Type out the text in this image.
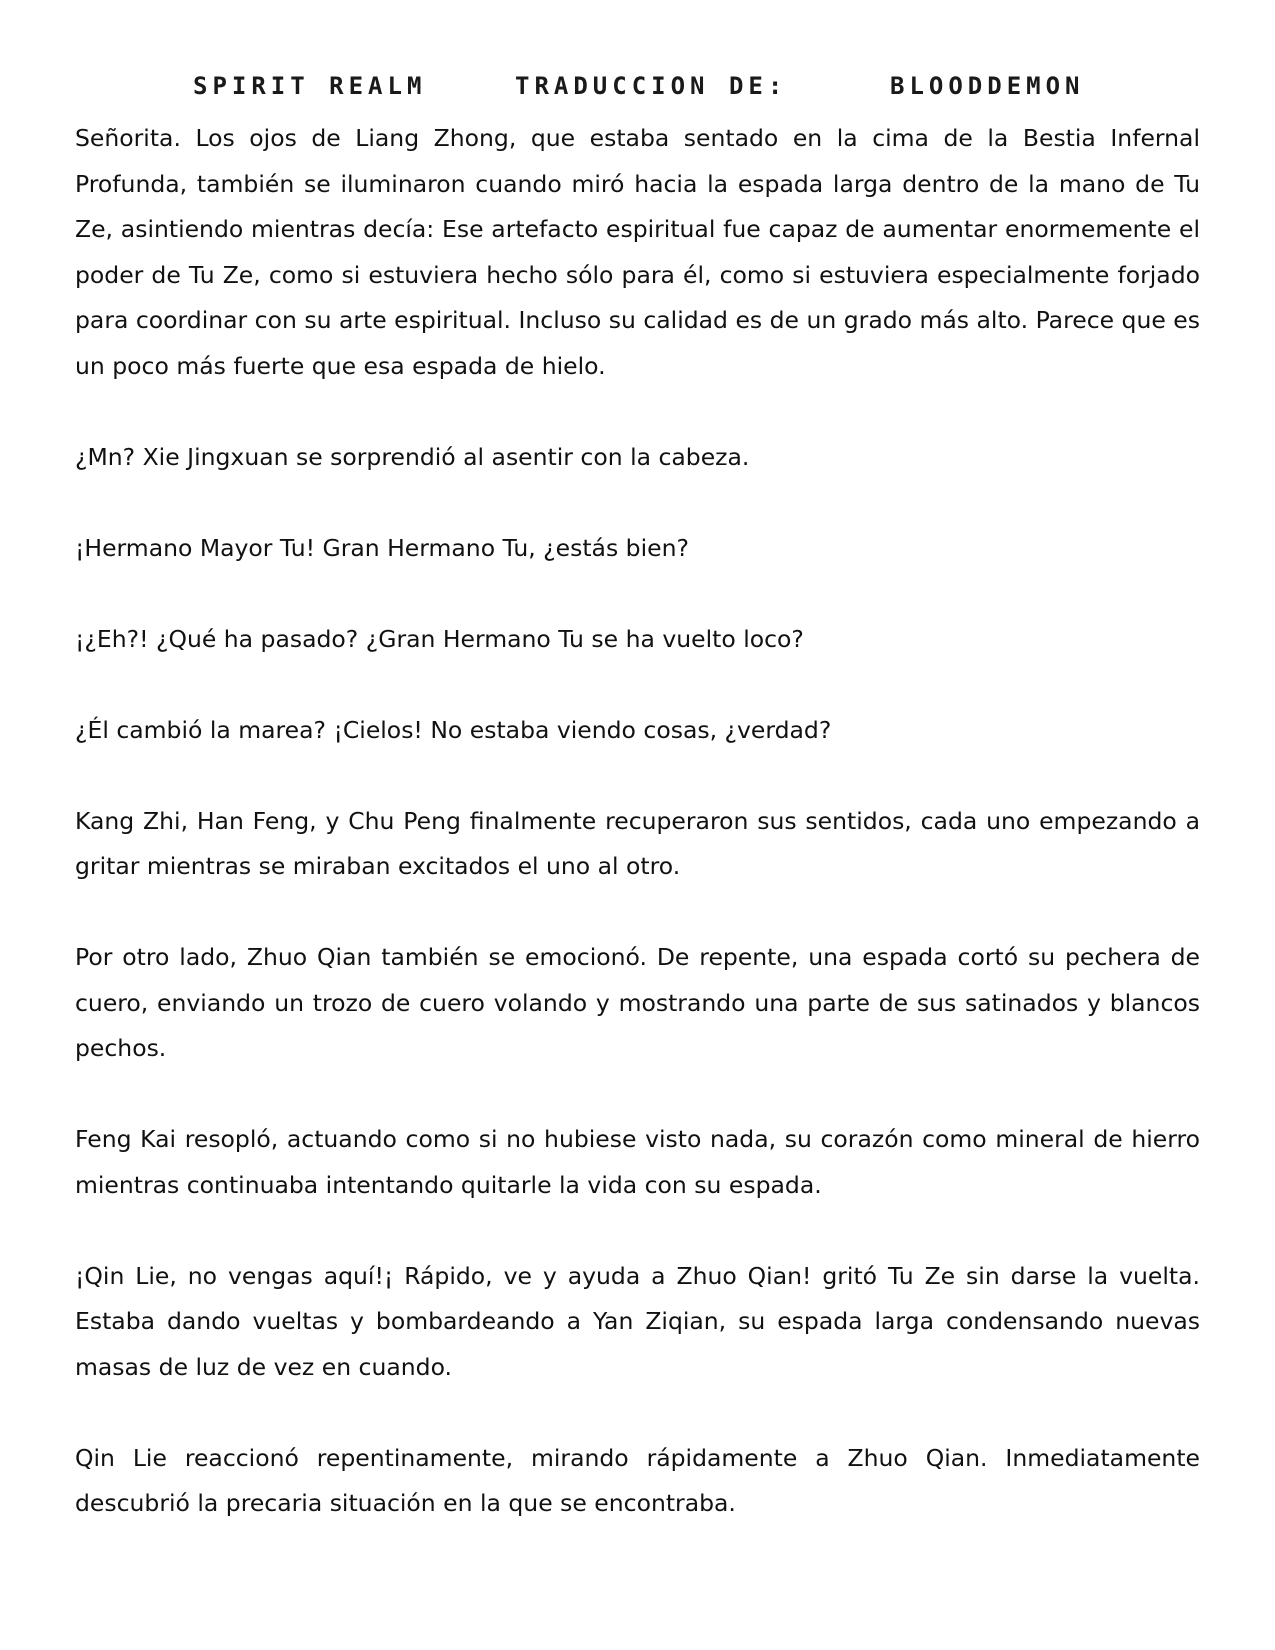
SPIRIT REALM	TRADUCCION DE:	BLOODDEMON

Señorita. Los ojos de Liang Zhong, que estaba sentado en la cima de la Bestia Infernal Profunda, también se iluminaron cuando miró hacia la espada larga dentro de la mano de Tu Ze, asintiendo mientras decía: Ese artefacto espiritual fue capaz de aumentar enormemente el poder de Tu Ze, como si estuviera hecho sólo para él, como si estuviera especialmente forjado para coordinar con su arte espiritual. Incluso su calidad es de un grado más alto. Parece que es un poco más fuerte que esa espada de hielo.

¿Mn? Xie Jingxuan se sorprendió al asentir con la cabeza.

¡Hermano Mayor Tu! Gran Hermano Tu, ¿estás bien?

¡¿Eh?! ¿Qué ha pasado? ¿Gran Hermano Tu se ha vuelto loco?

¿Él cambió la marea? ¡Cielos! No estaba viendo cosas, ¿verdad?

Kang Zhi, Han Feng, y Chu Peng finalmente recuperaron sus sentidos, cada uno empezando a gritar mientras se miraban excitados el uno al otro.

Por otro lado, Zhuo Qian también se emocionó. De repente, una espada cortó su pechera de cuero, enviando un trozo de cuero volando y mostrando una parte de sus satinados y blancos pechos.

Feng Kai resopló, actuando como si no hubiese visto nada, su corazón como mineral de hierro mientras continuaba intentando quitarle la vida con su espada.

¡Qin Lie, no vengas aquí!¡ Rápido, ve y ayuda a Zhuo Qian! gritó Tu Ze sin darse la vuelta. Estaba dando vueltas y bombardeando a Yan Ziqian, su espada larga condensando nuevas masas de luz de vez en cuando.

Qin Lie reaccionó repentinamente, mirando rápidamente a Zhuo Qian. Inmediatamente descubrió la precaria situación en la que se encontraba.
